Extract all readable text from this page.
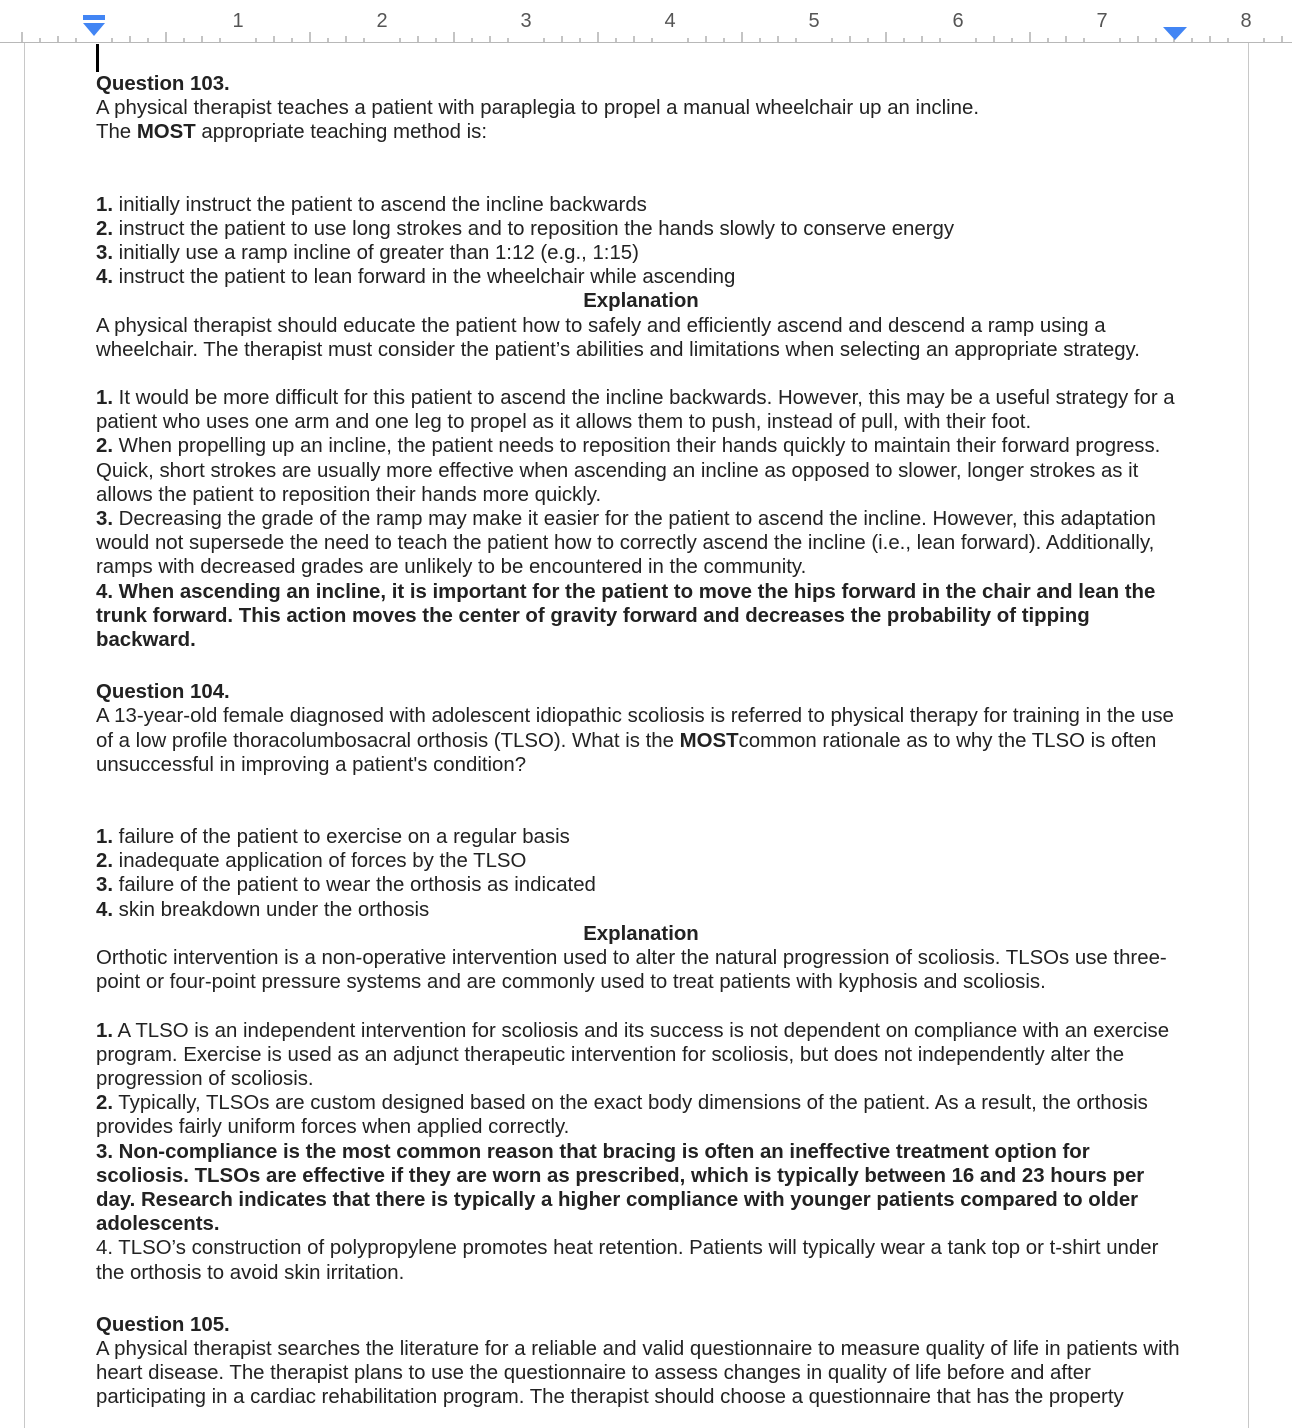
1	2	3	4	5	6	7	8

Question 103.

A physical therapist teaches a patient with paraplegia to propel a manual wheelchair up an incline.

The MOST appropriate teaching method is:

1. initially instruct the patient to ascend the incline backwards

2. instruct the patient to use long strokes and to reposition the hands slowly to conserve energy

3. initially use a ramp incline of greater than 1:12 (e.g., 1:15)

4. instruct the patient to lean forward in the wheelchair while ascending

Explanation

A physical therapist should educate the patient how to safely and efficiently ascend and descend a ramp using a wheelchair. The therapist must consider the patient’s abilities and limitations when selecting an appropriate strategy.

1. It would be more difficult for this patient to ascend the incline backwards. However, this may be a useful strategy for a patient who uses one arm and one leg to propel as it allows them to push, instead of pull, with their foot.

2. When propelling up an incline, the patient needs to reposition their hands quickly to maintain their forward progress. Quick, short strokes are usually more effective when ascending an incline as opposed to slower, longer strokes as it allows the patient to reposition their hands more quickly.

3. Decreasing the grade of the ramp may make it easier for the patient to ascend the incline. However, this adaptation would not supersede the need to teach the patient how to correctly ascend the incline (i.e., lean forward). Additionally, ramps with decreased grades are unlikely to be encountered in the community.

4. When ascending an incline, it is important for the patient to move the hips forward in the chair and lean the trunk forward. This action moves the center of gravity forward and decreases the probability of tipping backward.

Question 104.

A 13-year-old female diagnosed with adolescent idiopathic scoliosis is referred to physical therapy for training in the use of a low profile thoracolumbosacral orthosis (TLSO). What is the MOSTcommon rationale as to why the TLSO is often unsuccessful in improving a patient's condition?

1. failure of the patient to exercise on a regular basis

2. inadequate application of forces by the TLSO

3. failure of the patient to wear the orthosis as indicated

4. skin breakdown under the orthosis

Explanation

Orthotic intervention is a non-operative intervention used to alter the natural progression of scoliosis. TLSOs use three-point or four-point pressure systems and are commonly used to treat patients with kyphosis and scoliosis.

1. A TLSO is an independent intervention for scoliosis and its success is not dependent on compliance with an exercise program. Exercise is used as an adjunct therapeutic intervention for scoliosis, but does not independently alter the progression of scoliosis.

2. Typically, TLSOs are custom designed based on the exact body dimensions of the patient. As a result, the orthosis provides fairly uniform forces when applied correctly.

3. Non-compliance is the most common reason that bracing is often an ineffective treatment option for scoliosis. TLSOs are effective if they are worn as prescribed, which is typically between 16 and 23 hours per day. Research indicates that there is typically a higher compliance with younger patients compared to older adolescents.

4. TLSO’s construction of polypropylene promotes heat retention. Patients will typically wear a tank top or t-shirt under the orthosis to avoid skin irritation.

Question 105.

A physical therapist searches the literature for a reliable and valid questionnaire to measure quality of life in patients with heart disease. The therapist plans to use the questionnaire to assess changes in quality of life before and after participating in a cardiac rehabilitation program. The therapist should choose a questionnaire that has the property
